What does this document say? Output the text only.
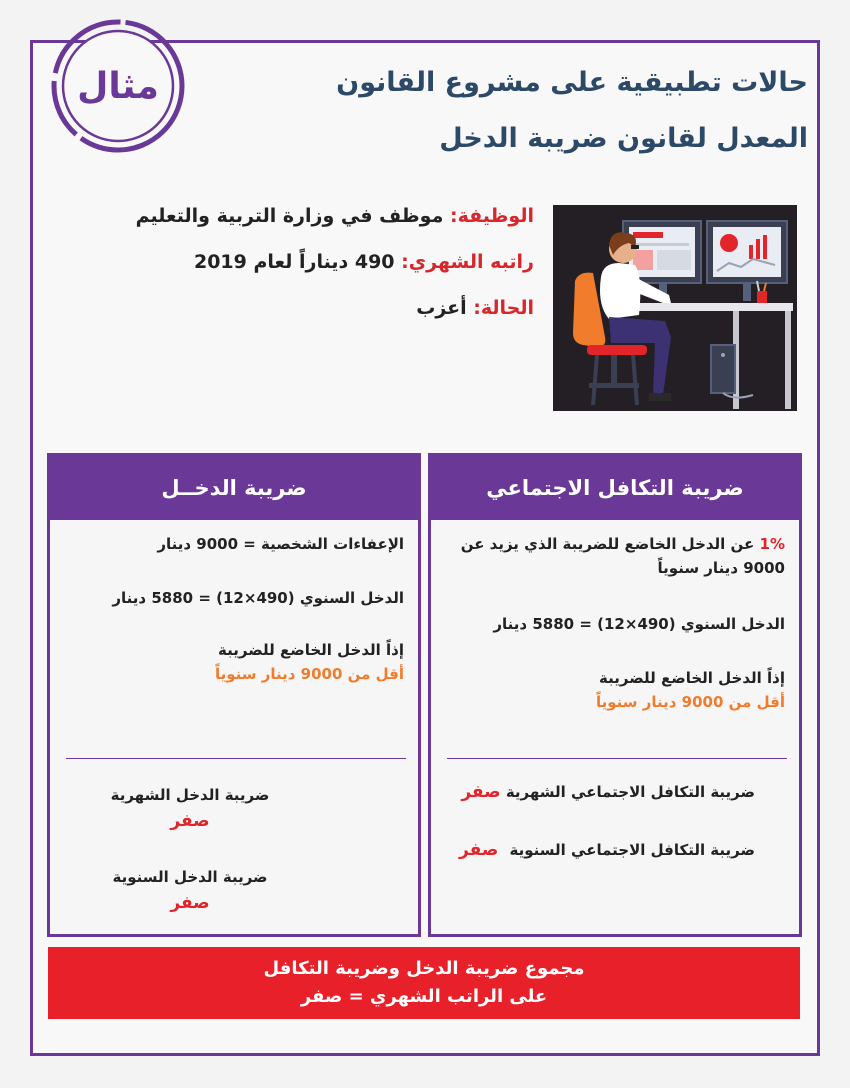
مثال	حالات تطبيقية على مشروع القانون
المعدل لقانون ضريبة الدخل
الوظيفة: موظف في وزارة التربية والتعليم
راتبه الشهري: 490 ديناراً لعام 2019
الحالة: أعزب
ضريبة التكافل الاجتماعي

1% عن الدخل الخاضع للضريبة الذي يزيد عن
9000 دينار سنوياً

الدخل السنوي (490×12) = 5880 دينار

إذاً الدخل الخاضع للضريبة

أقل من 9000 دينار سنوياً

ضريبة التكافل الاجتماعي الشهرية صفر
ضريبة التكافل الاجتماعي السنوية صفر
ضريبة الدخــل

الإعفاءات الشخصية = 9000 دينار

الدخل السنوي (490×12) = 5880 دينار

إذاً الدخل الخاضع للضريبة

أقل من 9000 دينار سنوياً

ضريبة الدخل الشهرية
صفر
ضريبة الدخل السنوية
صفر
مجموع ضريبة الدخل وضريبة التكافل
على الراتب الشهري = صفر
